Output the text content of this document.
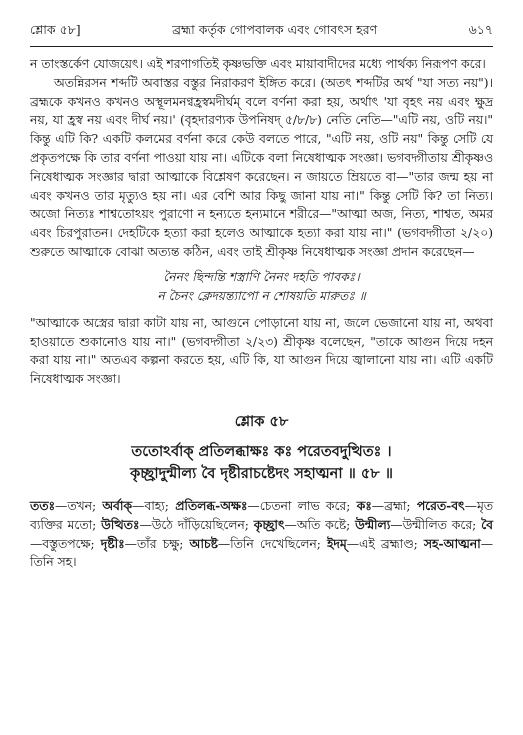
শ্লোক ৫৮]	ব্রহ্মা কর্তৃক গোপবালক এবং গোবৎস হরণ	৬১৭

ন তাংস্তর্কেণ যোজয়েৎ। এই শরণাগতিই কৃষ্ণভক্তি এবং মায়াবাদীদের মধ্যে পার্থক্য নিরূপণ করে।

অতন্নিরসন শব্দটি অবাস্তর বস্তুর নিরাকরণ ইঙ্গিত করে। (অতৎ শব্দটির অর্থ "যা সত্য নয়")। ব্রহ্মকে কখনও কখনও অস্থূলমনণ্বহ্রস্বমদীর্ঘম্ বলে বর্ণনা করা হয়, অর্থাৎ 'যা বৃহৎ নয় এবং ক্ষুদ্র নয়, যা হ্রস্ব নয় এবং দীর্ঘ নয়।' (বৃহদারণ্যক উপনিষদ্ ৫/৮/৮) নেতি নেতি—"এটি নয়, ওটি নয়।" কিন্তু এটি কি? একটি কলমের বর্ণনা করে কেউ বলতে পারে, "এটি নয়, ওটি নয়" কিন্তু সেটি যে প্রকৃতপক্ষে কি তার বর্ণনা পাওয়া যায় না। এটিকে বলা নিষেধাত্মক সংজ্ঞা। ভগবদ্গীতায় শ্রীকৃষ্ণও নিষেধাত্মক সংজ্ঞার দ্বারা আত্মাকে বিশ্লেষণ করেছেন। ন জায়তে ম্রিয়তে বা—"তার জন্ম হয় না এবং কখনও তার মৃত্যুও হয় না। এর বেশি আর কিছু জানা যায় না।" কিন্তু সেটি কি? তা নিত্য। অজো নিত্যঃ শাশ্বতোঽয়ং পুরাণো ন হন্যতে হন্যমানে শরীরে—"আত্মা অজ, নিত্য, শাশ্বত, অমর এবং চিরপুরাতন। দেহটিকে হত্যা করা হলেও আত্মাকে হত্যা করা যায় না।" (ভগবদ্গীতা ২/২০) শুরুতে আত্মাকে বোঝা অত্যন্ত কঠিন, এবং তাই শ্রীকৃষ্ণ নিষেধাত্মক সংজ্ঞা প্রদান করেছেন—

নৈনং ছিন্দন্তি শস্ত্রাণি নৈনং দহতি পাবকঃ।
ন চৈনং ক্লেদয়ন্ত্যাপো ন শোষয়তি মারুতঃ ॥

"আত্মাকে অস্ত্রের দ্বারা কাটা যায় না, আগুনে পোড়ানো যায় না, জলে ভেজানো যায় না, অথবা হাওয়াতে শুকানোও যায় না।" (ভগবদ্গীতা ২/২৩) শ্রীকৃষ্ণ বলেছেন, "তাকে আগুন দিয়ে দহন করা যায় না।" অতএব কল্পনা করতে হয়, এটি কি, যা আগুন দিয়ে জ্বালানো যায় না। এটি একটি নিষেধাত্মক সংজ্ঞা।

শ্লোক ৫৮
ততোঽর্বাক্ প্রতিলব্ধাক্ষঃ কঃ পরেতবদুত্থিতঃ ।
কৃচ্ছ্রাদুন্মীল্য বৈ দৃষ্টীরাচষ্টেদং সহাত্মনা ॥ ৫৮ ॥

ততঃ—তখন; অর্বাক্—বাহ্য; প্রতিলব্ধ-অক্ষঃ—চেতনা লাভ করে; কঃ—ব্রহ্মা; পরেত-বৎ—মৃত ব্যক্তির মতো; উত্থিতঃ—উঠে দাঁড়িয়েছিলেন; কৃচ্ছ্রাৎ—অতি কষ্টে; উন্মীল্য—উন্মীলিত করে; বৈ—বস্তুতপক্ষে; দৃষ্টীঃ—তাঁর চক্ষু; আচষ্ট—তিনি দেখেছিলেন; ইদম্—এই ব্রহ্মাণ্ড; সহ-আত্মনা—তিনি সহ।
